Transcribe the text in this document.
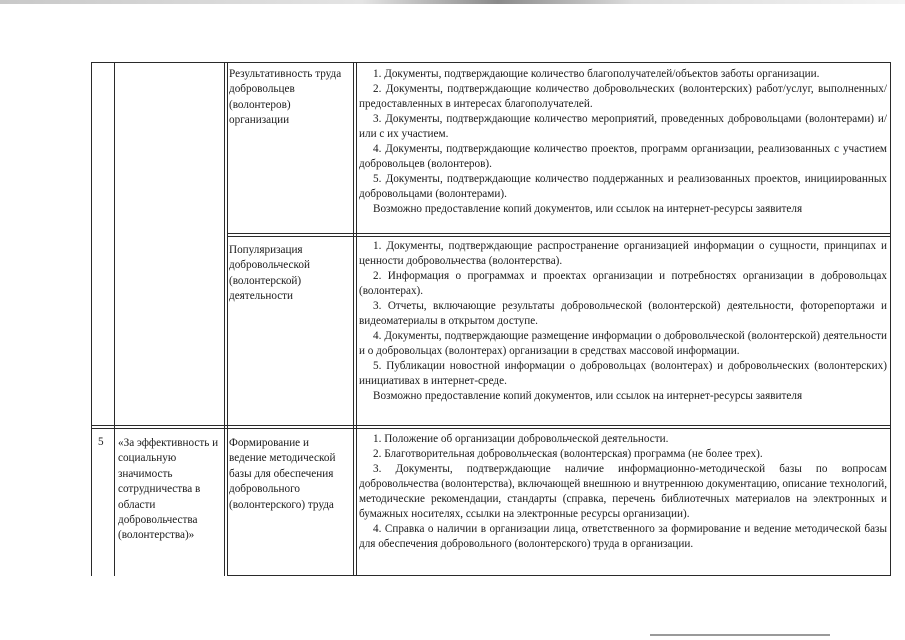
Результативность труда добровольцев (волонтеров) организации

1. Документы, подтверждающие количество благополучателей/объектов заботы организации.

2. Документы, подтверждающие количество добровольческих (волонтерских) работ/услуг, выполненных/предоставленных в интересах благополучателей.

3. Документы, подтверждающие количество мероприятий, проведенных добровольцами (волонтерами) и/или с их участием.

4. Документы, подтверждающие количество проектов, программ организации, реализованных с участием добровольцев (волонтеров).

5. Документы, подтверждающие количество поддержанных и реализованных проектов, инициированных добровольцами (волонтерами).

Возможно предоставление копий документов, или ссылок на интернет-ресурсы заявителя

Популяризация добровольческой (волонтерской) деятельности

1. Документы, подтверждающие распространение организацией информации о сущности, принципах и ценности добровольчества (волонтерства).

2. Информация о программах и проектах организации и потребностях организации в добровольцах (волонтерах).

3. Отчеты, включающие результаты добровольческой (волонтерской) деятельности, фоторепортажи и видеоматериалы в открытом доступе.

4. Документы, подтверждающие размещение информации о добровольческой (волонтерской) деятельности и о добровольцах (волонтерах) организации в средствах массовой информации.

5. Публикации новостной информации о добровольцах (волонтерах) и добровольческих (волонтерских) инициативах в интернет-среде.

Возможно предоставление копий документов, или ссылок на интернет-ресурсы заявителя

5 «За эффективность и социальную значимость сотрудничества в области добровольчества (волонтерства)»
Формирование и ведение методической базы для обеспечения добровольного (волонтерского) труда

1. Положение об организации добровольческой деятельности.

2. Благотворительная добровольческая (волонтерская) программа (не более трех).

3. Документы, подтверждающие наличие информационно-методической базы по вопросам добровольчества (волонтерства), включающей внешнюю и внутреннюю документацию, описание технологий, методические рекомендации, стандарты (справка, перечень библиотечных материалов на электронных и бумажных носителях, ссылки на электронные ресурсы организации).

4. Справка о наличии в организации лица, ответственного за формирование и ведение методической базы для обеспечения добровольного (волонтерского) труда в организации.
